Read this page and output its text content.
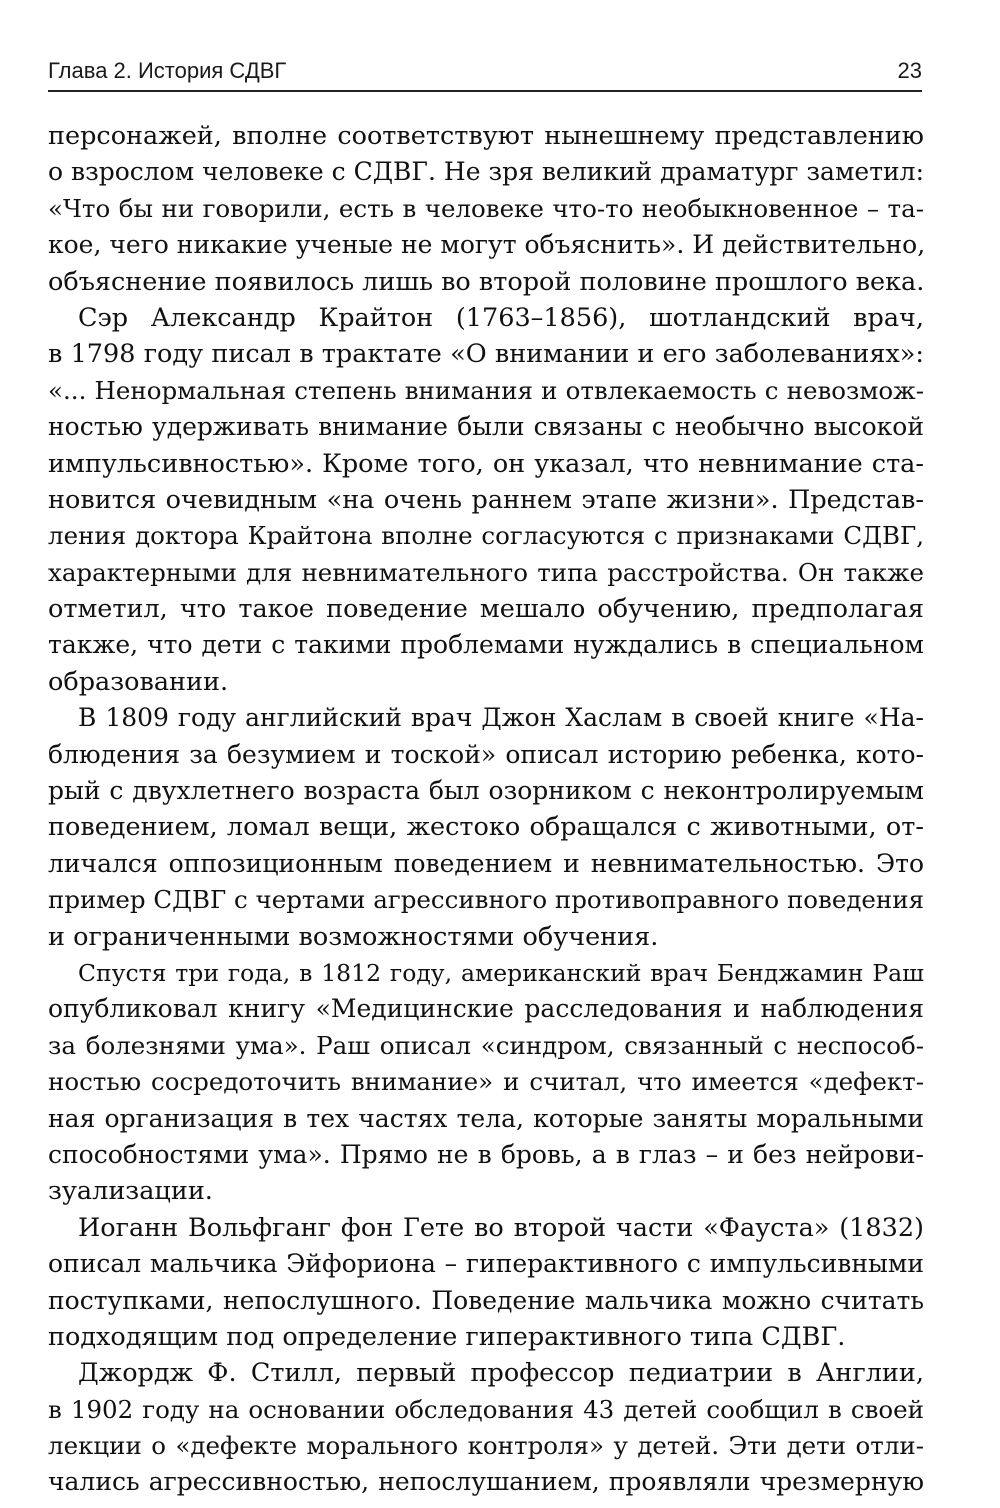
Глава 2. История СДВГ	23
персонажей, вполне соответствуют нынешнему представлению
о взрослом человеке с СДВГ. Не зря великий драматург заметил:
«Что бы ни говорили, есть в человеке что-то необыкновенное – та-
кое, чего никакие ученые не могут объяснить». И действительно,
объяснение появилось лишь во второй половине прошлого века.
Сэр Александр Крайтон (1763–1856), шотландский врач,
в 1798 году писал в трактате «О внимании и его заболеваниях»:
«... Ненормальная степень внимания и отвлекаемость с невозмож-
ностью удерживать внимание были связаны с необычно высокой
импульсивностью». Кроме того, он указал, что невнимание ста-
новится очевидным «на очень раннем этапе жизни». Представ-
ления доктора Крайтона вполне согласуются с признаками СДВГ,
характерными для невнимательного типа расстройства. Он также
отметил, что такое поведение мешало обучению, предполагая
также, что дети с такими проблемами нуждались в специальном
образовании.
В 1809 году английский врач Джон Хаслам в своей книге «На-
блюдения за безумием и тоской» описал историю ребенка, кото-
рый с двухлетнего возраста был озорником с неконтролируемым
поведением, ломал вещи, жестоко обращался с животными, от-
личался оппозиционным поведением и невнимательностью. Это
пример СДВГ с чертами агрессивного противоправного поведения
и ограниченными возможностями обучения.
Спустя три года, в 1812 году, американский врач Бенджамин Раш
опубликовал книгу «Медицинские расследования и наблюдения
за болезнями ума». Раш описал «синдром, связанный с неспособ-
ностью сосредоточить внимание» и считал, что имеется «дефект-
ная организация в тех частях тела, которые заняты моральными
способностями ума». Прямо не в бровь, а в глаз – и без нейрови-
зуализации.
Иоганн Вольфганг фон Гете во второй части «Фауста» (1832)
описал мальчика Эйфориона – гиперактивного с импульсивными
поступками, непослушного. Поведение мальчика можно считать
подходящим под определение гиперактивного типа СДВГ.
Джордж Ф. Стилл, первый профессор педиатрии в Англии,
в 1902 году на основании обследования 43 детей сообщил в своей
лекции о «дефекте морального контроля» у детей. Эти дети отли-
чались агрессивностью, непослушанием, проявляли чрезмерную
